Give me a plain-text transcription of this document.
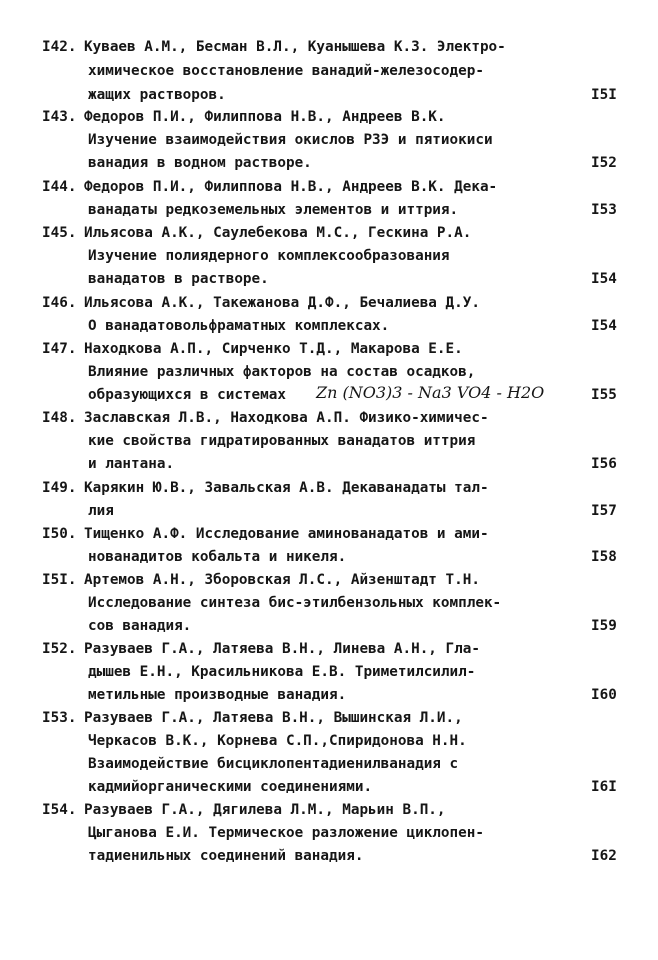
I42. Куваев А.М., Бесман В.Л., Куанышева К.З. Электро-
химическое восстановление ванадий-железосодер-
жащих растворов.	I5I
I43. Федоров П.И., Филиппова Н.В., Андреев В.К.
Изучение взаимодействия окислов РЗЭ и пятиокиси
ванадия в водном растворе.	I52
I44. Федоров П.И., Филиппова Н.В., Андреев В.К. Дека-
ванадаты редкоземельных элементов и иттрия.	I53
I45. Ильясова А.К., Саулебекова М.С., Гескина Р.А.
Изучение полиядерного комплексообразования
ванадатов в растворе.	I54
I46. Ильясова А.К., Такежанова Д.Ф., Бечалиева Д.У.
О ванадатовольфраматных комплексах.	I54
I47. Находкова А.П., Сирченко Т.Д., Макарова Е.Е.
Влияние различных факторов на состав осадков,
образующихся в системах Zn (NO3)3 - Na3 VO4 - H2O	I55
I48. Заславская Л.В., Находкова А.П. Физико-химичес-
кие свойства гидратированных ванадатов иттрия
и лантана.	I56
I49. Карякин Ю.В., Завальская А.В. Декаванадаты тал-
лия	I57
I50. Тищенко А.Ф. Исследование аминованадатов и ами-
нованадитов кобальта и никеля.	I58
I5I. Артемов А.Н., Зборовская Л.С., Айзенштадт Т.Н.
Исследование синтеза бис-этилбензольных комплек-
сов ванадия.	I59
I52. Разуваев Г.А., Латяева В.Н., Линева А.Н., Гла-
дышев Е.Н., Красильникова Е.В. Триметилсилил-
метильные производные ванадия.	I60
I53. Разуваев Г.А., Латяева В.Н., Вышинская Л.И.,
Черкасов В.К., Корнева С.П.,Спиридонова Н.Н.
Взаимодействие бисциклопентадиенилванадия с
кадмийорганическими соединениями.	I6I
I54. Разуваев Г.А., Дягилева Л.М., Марьин В.П.,
Цыганова Е.И. Термическое разложение циклопен-
тадиенильных соединений ванадия.	I62
